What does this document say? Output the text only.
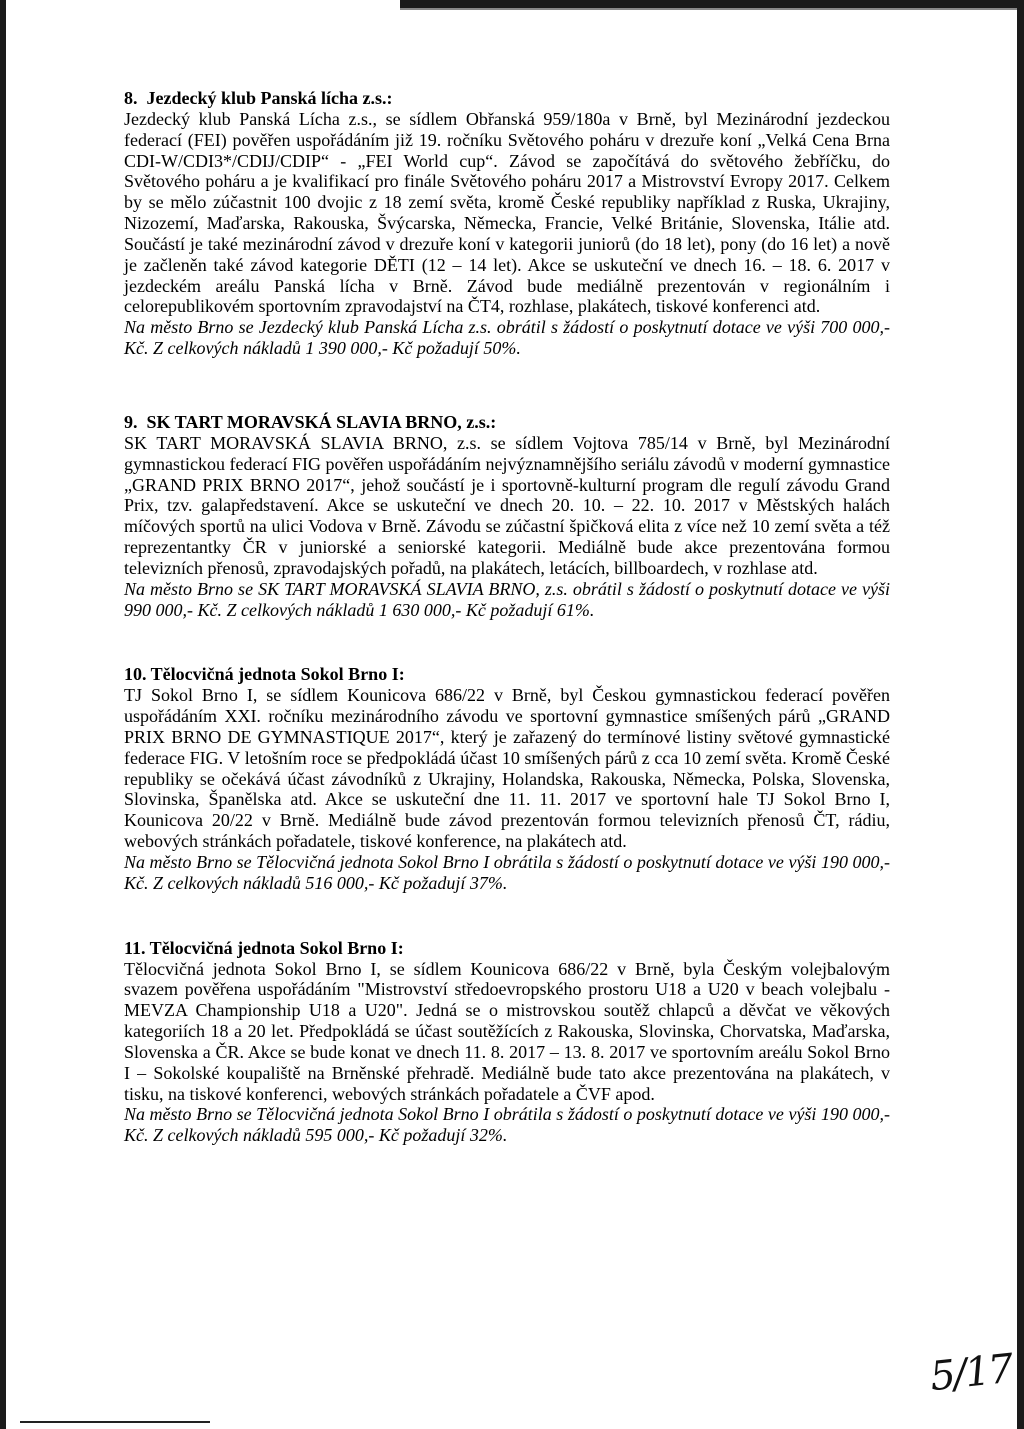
8.  Jezdecký klub Panská lícha z.s.:
Jezdecký klub Panská Lícha z.s., se sídlem Obřanská 959/180a v Brně, byl Mezinárodní jezdeckou federací (FEI) pověřen uspořádáním již 19. ročníku Světového poháru v drezuře koní „Velká Cena Brna CDI-W/CDI3*/CDIJ/CDIP“ - „FEI World cup“. Závod se započítává do světového žebříčku, do Světového poháru a je kvalifikací pro finále Světového poháru 2017 a Mistrovství Evropy 2017. Celkem by se mělo zúčastnit 100 dvojic z 18 zemí světa, kromě České republiky například z Ruska, Ukrajiny, Nizozemí, Maďarska, Rakouska, Švýcarska, Německa, Francie, Velké Británie, Slovenska, Itálie atd. Součástí je také mezinárodní závod v drezuře koní v kategorii juniorů (do 18 let), pony (do 16 let) a nově je začleněn také závod kategorie DĚTI (12 – 14 let). Akce se uskuteční ve dnech 16. – 18. 6. 2017 v jezdeckém areálu Panská lícha v Brně. Závod bude mediálně prezentován v regionálním i celorepublikovém sportovním zpravodajství na ČT4, rozhlase, plakátech, tiskové konferenci atd.
Na město Brno se Jezdecký klub Panská Lícha z.s. obrátil s žádostí o poskytnutí dotace ve výši 700 000,- Kč. Z celkových nákladů 1 390 000,- Kč požadují 50%.
9.  SK TART MORAVSKÁ SLAVIA BRNO, z.s.:
SK TART MORAVSKÁ SLAVIA BRNO, z.s. se sídlem Vojtova 785/14 v Brně, byl Mezinárodní gymnastickou federací FIG pověřen uspořádáním nejvýznamnějšího seriálu závodů v moderní gymnastice „GRAND PRIX BRNO 2017“, jehož součástí je i sportovně-kulturní program dle regulí závodu Grand Prix, tzv. galapředstavení. Akce se uskuteční ve dnech 20. 10. – 22. 10. 2017 v Městských halách míčových sportů na ulici Vodova v Brně. Závodu se zúčastní špičková elita z více než 10 zemí světa a též reprezentantky ČR v juniorské a seniorské kategorii. Mediálně bude akce prezentována formou televizních přenosů, zpravodajských pořadů, na plakátech, letácích, billboardech, v rozhlase atd.
Na město Brno se SK TART MORAVSKÁ SLAVIA BRNO, z.s. obrátil s žádostí o poskytnutí dotace ve výši 990 000,- Kč. Z celkových nákladů 1 630 000,- Kč požadují 61%.
10. Tělocvičná jednota Sokol Brno I:
TJ Sokol Brno I, se sídlem Kounicova 686/22 v Brně, byl Českou gymnastickou federací pověřen uspořádáním XXI. ročníku mezinárodního závodu ve sportovní gymnastice smíšených párů „GRAND PRIX BRNO DE GYMNASTIQUE 2017“, který je zařazený do termínové listiny světové gymnastické federace FIG. V letošním roce se předpokládá účast 10 smíšených párů z cca 10 zemí světa. Kromě České republiky se očekává účast závodníků z Ukrajiny, Holandska, Rakouska, Německa, Polska, Slovenska, Slovinska, Španělska atd. Akce se uskuteční dne 11. 11. 2017 ve sportovní hale TJ Sokol Brno I, Kounicova 20/22 v Brně. Mediálně bude závod prezentován formou televizních přenosů ČT, rádiu, webových stránkách pořadatele, tiskové konference, na plakátech atd.
Na město Brno se Tělocvičná jednota Sokol Brno I obrátila s žádostí o poskytnutí dotace ve výši 190 000,- Kč. Z celkových nákladů 516 000,- Kč požadují 37%.
11. Tělocvičná jednota Sokol Brno I:
Tělocvičná jednota Sokol Brno I, se sídlem Kounicova 686/22 v Brně, byla Českým volejbalovým svazem pověřena uspořádáním "Mistrovství středoevropského prostoru U18 a U20 v beach volejbalu - MEVZA Championship U18 a U20". Jedná se o mistrovskou soutěž chlapců a děvčat ve věkových kategoriích 18 a 20 let. Předpokládá se účast soutěžících z Rakouska, Slovinska, Chorvatska, Maďarska, Slovenska a ČR. Akce se bude konat ve dnech 11. 8. 2017 – 13. 8. 2017 ve sportovním areálu Sokol Brno I – Sokolské koupaliště na Brněnské přehradě. Mediálně bude tato akce prezentována na plakátech, v tisku, na tiskové konferenci, webových stránkách pořadatele a ČVF apod.
Na město Brno se Tělocvičná jednota Sokol Brno I obrátila s žádostí o poskytnutí dotace ve výši 190 000,- Kč. Z celkových nákladů 595 000,- Kč požadují 32%.
5/17
